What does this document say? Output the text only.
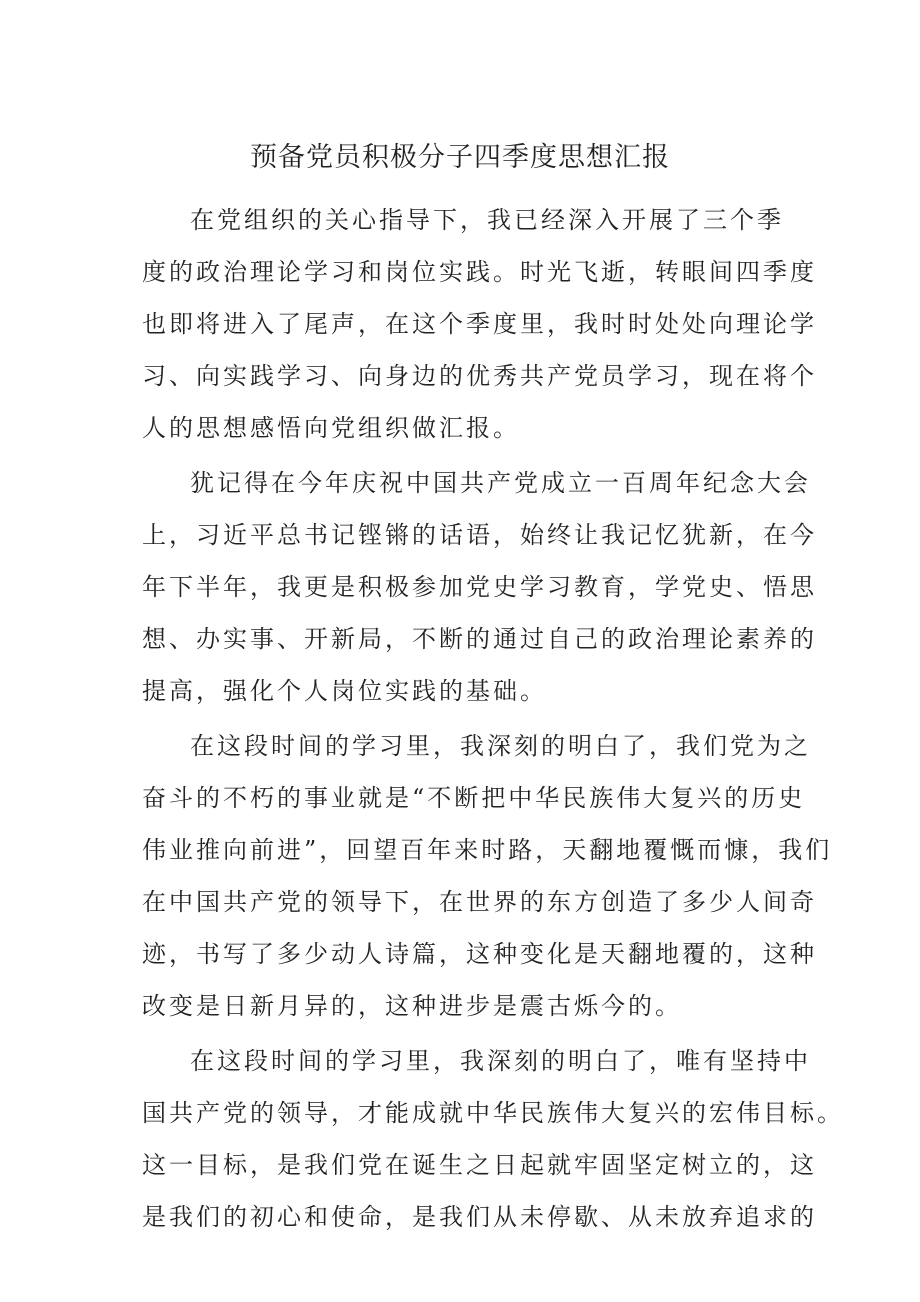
预备党员积极分子四季度思想汇报

在党组织的关心指导下，我已经深入开展了三个季

度的政治理论学习和岗位实践。时光飞逝，转眼间四季度

也即将进入了尾声，在这个季度里，我时时处处向理论学

习、向实践学习、向身边的优秀共产党员学习，现在将个

人的思想感悟向党组织做汇报。

犹记得在今年庆祝中国共产党成立一百周年纪念大会

上，习近平总书记铿锵的话语，始终让我记忆犹新，在今

年下半年，我更是积极参加党史学习教育，学党史、悟思

想、办实事、开新局，不断的通过自己的政治理论素养的

提高，强化个人岗位实践的基础。

在这段时间的学习里，我深刻的明白了，我们党为之

奋斗的不朽的事业就是“不断把中华民族伟大复兴的历史

伟业推向前进”，回望百年来时路，天翻地覆慨而慷，我们

在中国共产党的领导下，在世界的东方创造了多少人间奇

迹，书写了多少动人诗篇，这种变化是天翻地覆的，这种

改变是日新月异的，这种进步是震古烁今的。

在这段时间的学习里，我深刻的明白了，唯有坚持中

国共产党的领导，才能成就中华民族伟大复兴的宏伟目标。

这一目标，是我们党在诞生之日起就牢固坚定树立的，这

是我们的初心和使命，是我们从未停歇、从未放弃追求的
